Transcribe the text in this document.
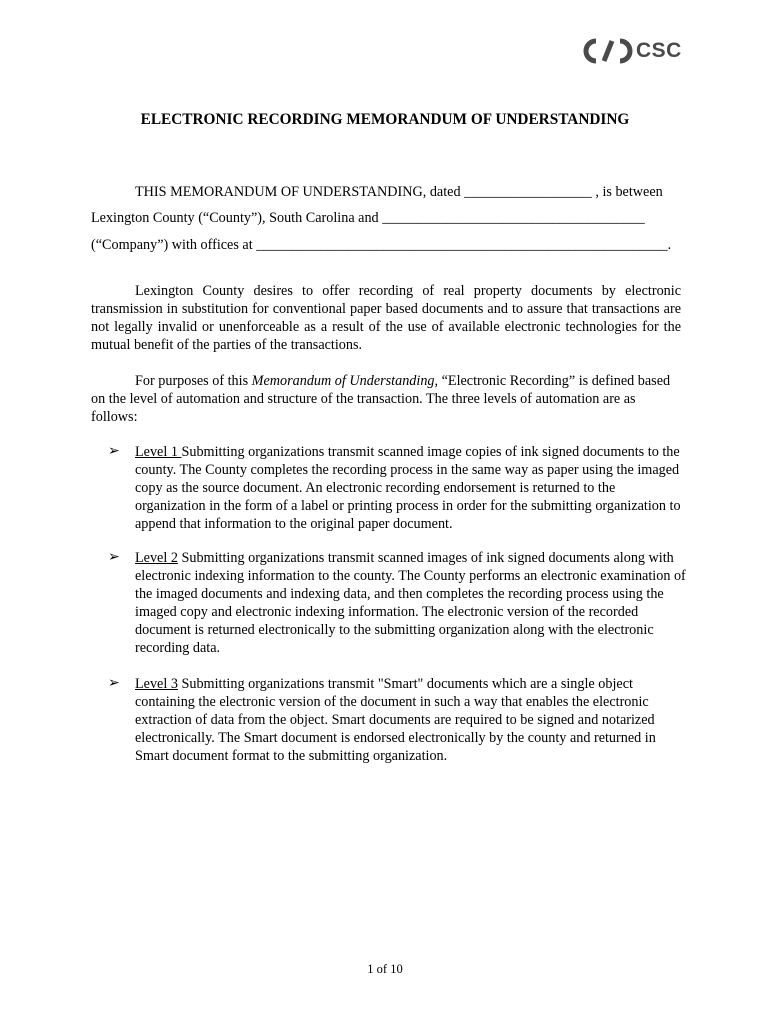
CSC
ELECTRONIC RECORDING MEMORANDUM OF UNDERSTANDING

THIS MEMORANDUM OF UNDERSTANDING, dated __________________ , is between

Lexington County (“County”), South Carolina and _____________________________________

(“Company”) with offices at __________________________________________________________.

Lexington County desires to offer recording of real property documents by electronic transmission in substitution for conventional paper based documents and to assure that transactions are not legally invalid or unenforceable as a result of the use of available electronic technologies for the mutual benefit of the parties of the transactions.

For purposes of this Memorandum of Understanding, “Electronic Recording” is defined based on the level of automation and structure of the transaction. The three levels of automation are as follows:

➢ Level 1 Submitting organizations transmit scanned image copies of ink signed documents to the county. The County completes the recording process in the same way as paper using the imaged copy as the source document. An electronic recording endorsement is returned to the organization in the form of a label or printing process in order for the submitting organization to append that information to the original paper document.
➢ Level 2 Submitting organizations transmit scanned images of ink signed documents along with electronic indexing information to the county. The County performs an electronic examination of the imaged documents and indexing data, and then completes the recording process using the imaged copy and electronic indexing information. The electronic version of the recorded document is returned electronically to the submitting organization along with the electronic recording data.
➢ Level 3 Submitting organizations transmit "Smart" documents which are a single object containing the electronic version of the document in such a way that enables the electronic extraction of data from the object. Smart documents are required to be signed and notarized electronically. The Smart document is endorsed electronically by the county and returned in Smart document format to the submitting organization.
1 of 10
